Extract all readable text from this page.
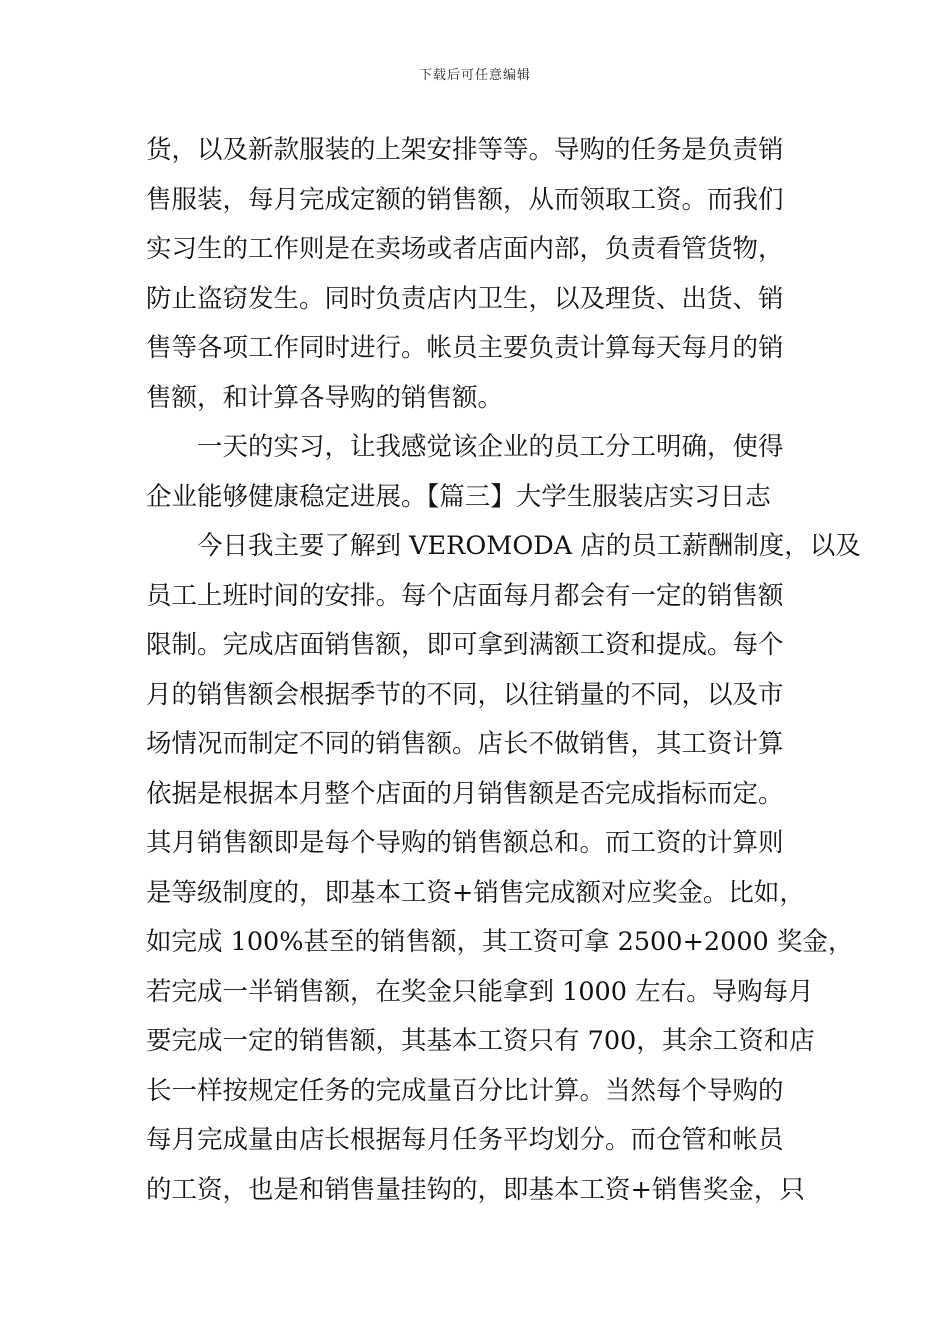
下载后可任意编辑
货，以及新款服装的上架安排等等。导购的任务是负责销
售服装，每月完成定额的销售额，从而领取工资。而我们
实习生的工作则是在卖场或者店面内部，负责看管货物，
防止盗窃发生。同时负责店内卫生，以及理货、出货、销
售等各项工作同时进行。帐员主要负责计算每天每月的销
售额，和计算各导购的销售额。
一天的实习，让我感觉该企业的员工分工明确，使得
企业能够健康稳定进展。【篇三】大学生服装店实习日志
今日我主要了解到 VEROMODA 店的员工薪酬制度，以及
员工上班时间的安排。每个店面每月都会有一定的销售额
限制。完成店面销售额，即可拿到满额工资和提成。每个
月的销售额会根据季节的不同，以往销量的不同，以及市
场情况而制定不同的销售额。店长不做销售，其工资计算
依据是根据本月整个店面的月销售额是否完成指标而定。
其月销售额即是每个导购的销售额总和。而工资的计算则
是等级制度的，即基本工资+销售完成额对应奖金。比如，
如完成 100%甚至的销售额，其工资可拿 2500+2000 奖金，
若完成一半销售额，在奖金只能拿到 1000 左右。导购每月
要完成一定的销售额，其基本工资只有 700，其余工资和店
长一样按规定任务的完成量百分比计算。当然每个导购的
每月完成量由店长根据每月任务平均划分。而仓管和帐员
的工资，也是和销售量挂钩的，即基本工资+销售奖金，只
